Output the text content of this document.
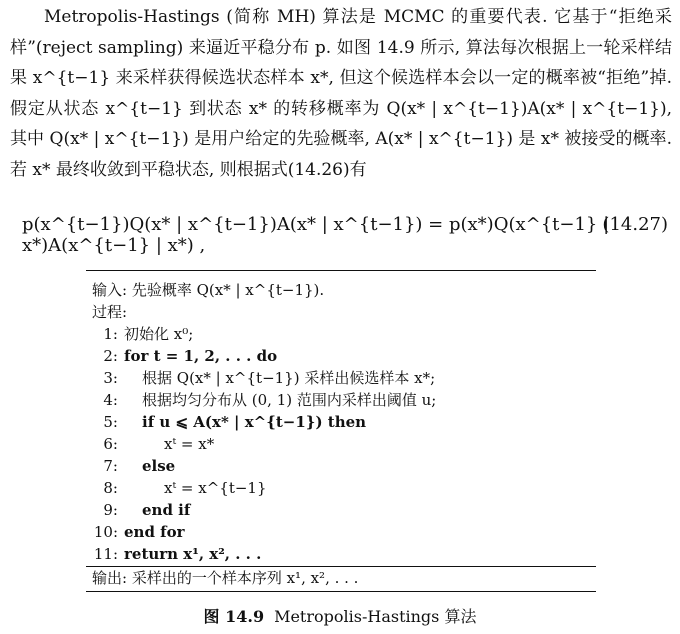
Metropolis-Hastings (简称 MH) 算法是 MCMC 的重要代表. 它基于“拒绝采样”(reject sampling) 来逼近平稳分布 p. 如图 14.9 所示, 算法每次根据上一轮采样结果 x^{t−1} 来采样获得候选状态样本 x*, 但这个候选样本会以一定的概率被“拒绝”掉. 假定从状态 x^{t−1} 到状态 x* 的转移概率为 Q(x* | x^{t−1})A(x* | x^{t−1}), 其中 Q(x* | x^{t−1}) 是用户给定的先验概率, A(x* | x^{t−1}) 是 x* 被接受的概率. 若 x* 最终收敛到平稳状态, 则根据式(14.26)有
p(x^{t−1})Q(x* | x^{t−1})A(x* | x^{t−1}) = p(x*)Q(x^{t−1} | x*)A(x^{t−1} | x*) ,
(14.27)
输入: 先验概率 Q(x* | x^{t−1}).
过程:
1: 初始化 x⁰;
2: for t = 1, 2, . . . do
3: 根据 Q(x* | x^{t−1}) 采样出候选样本 x*;
4: 根据均匀分布从 (0, 1) 范围内采样出阈值 u;
5: if u ⩽ A(x* | x^{t−1}) then
6:	xᵗ = x*
7: else
8:	xᵗ = x^{t−1}
9: end if
10: end for
11: return x¹, x², . . .
输出: 采样出的一个样本序列 x¹, x², . . .
图 14.9 Metropolis-Hastings 算法
